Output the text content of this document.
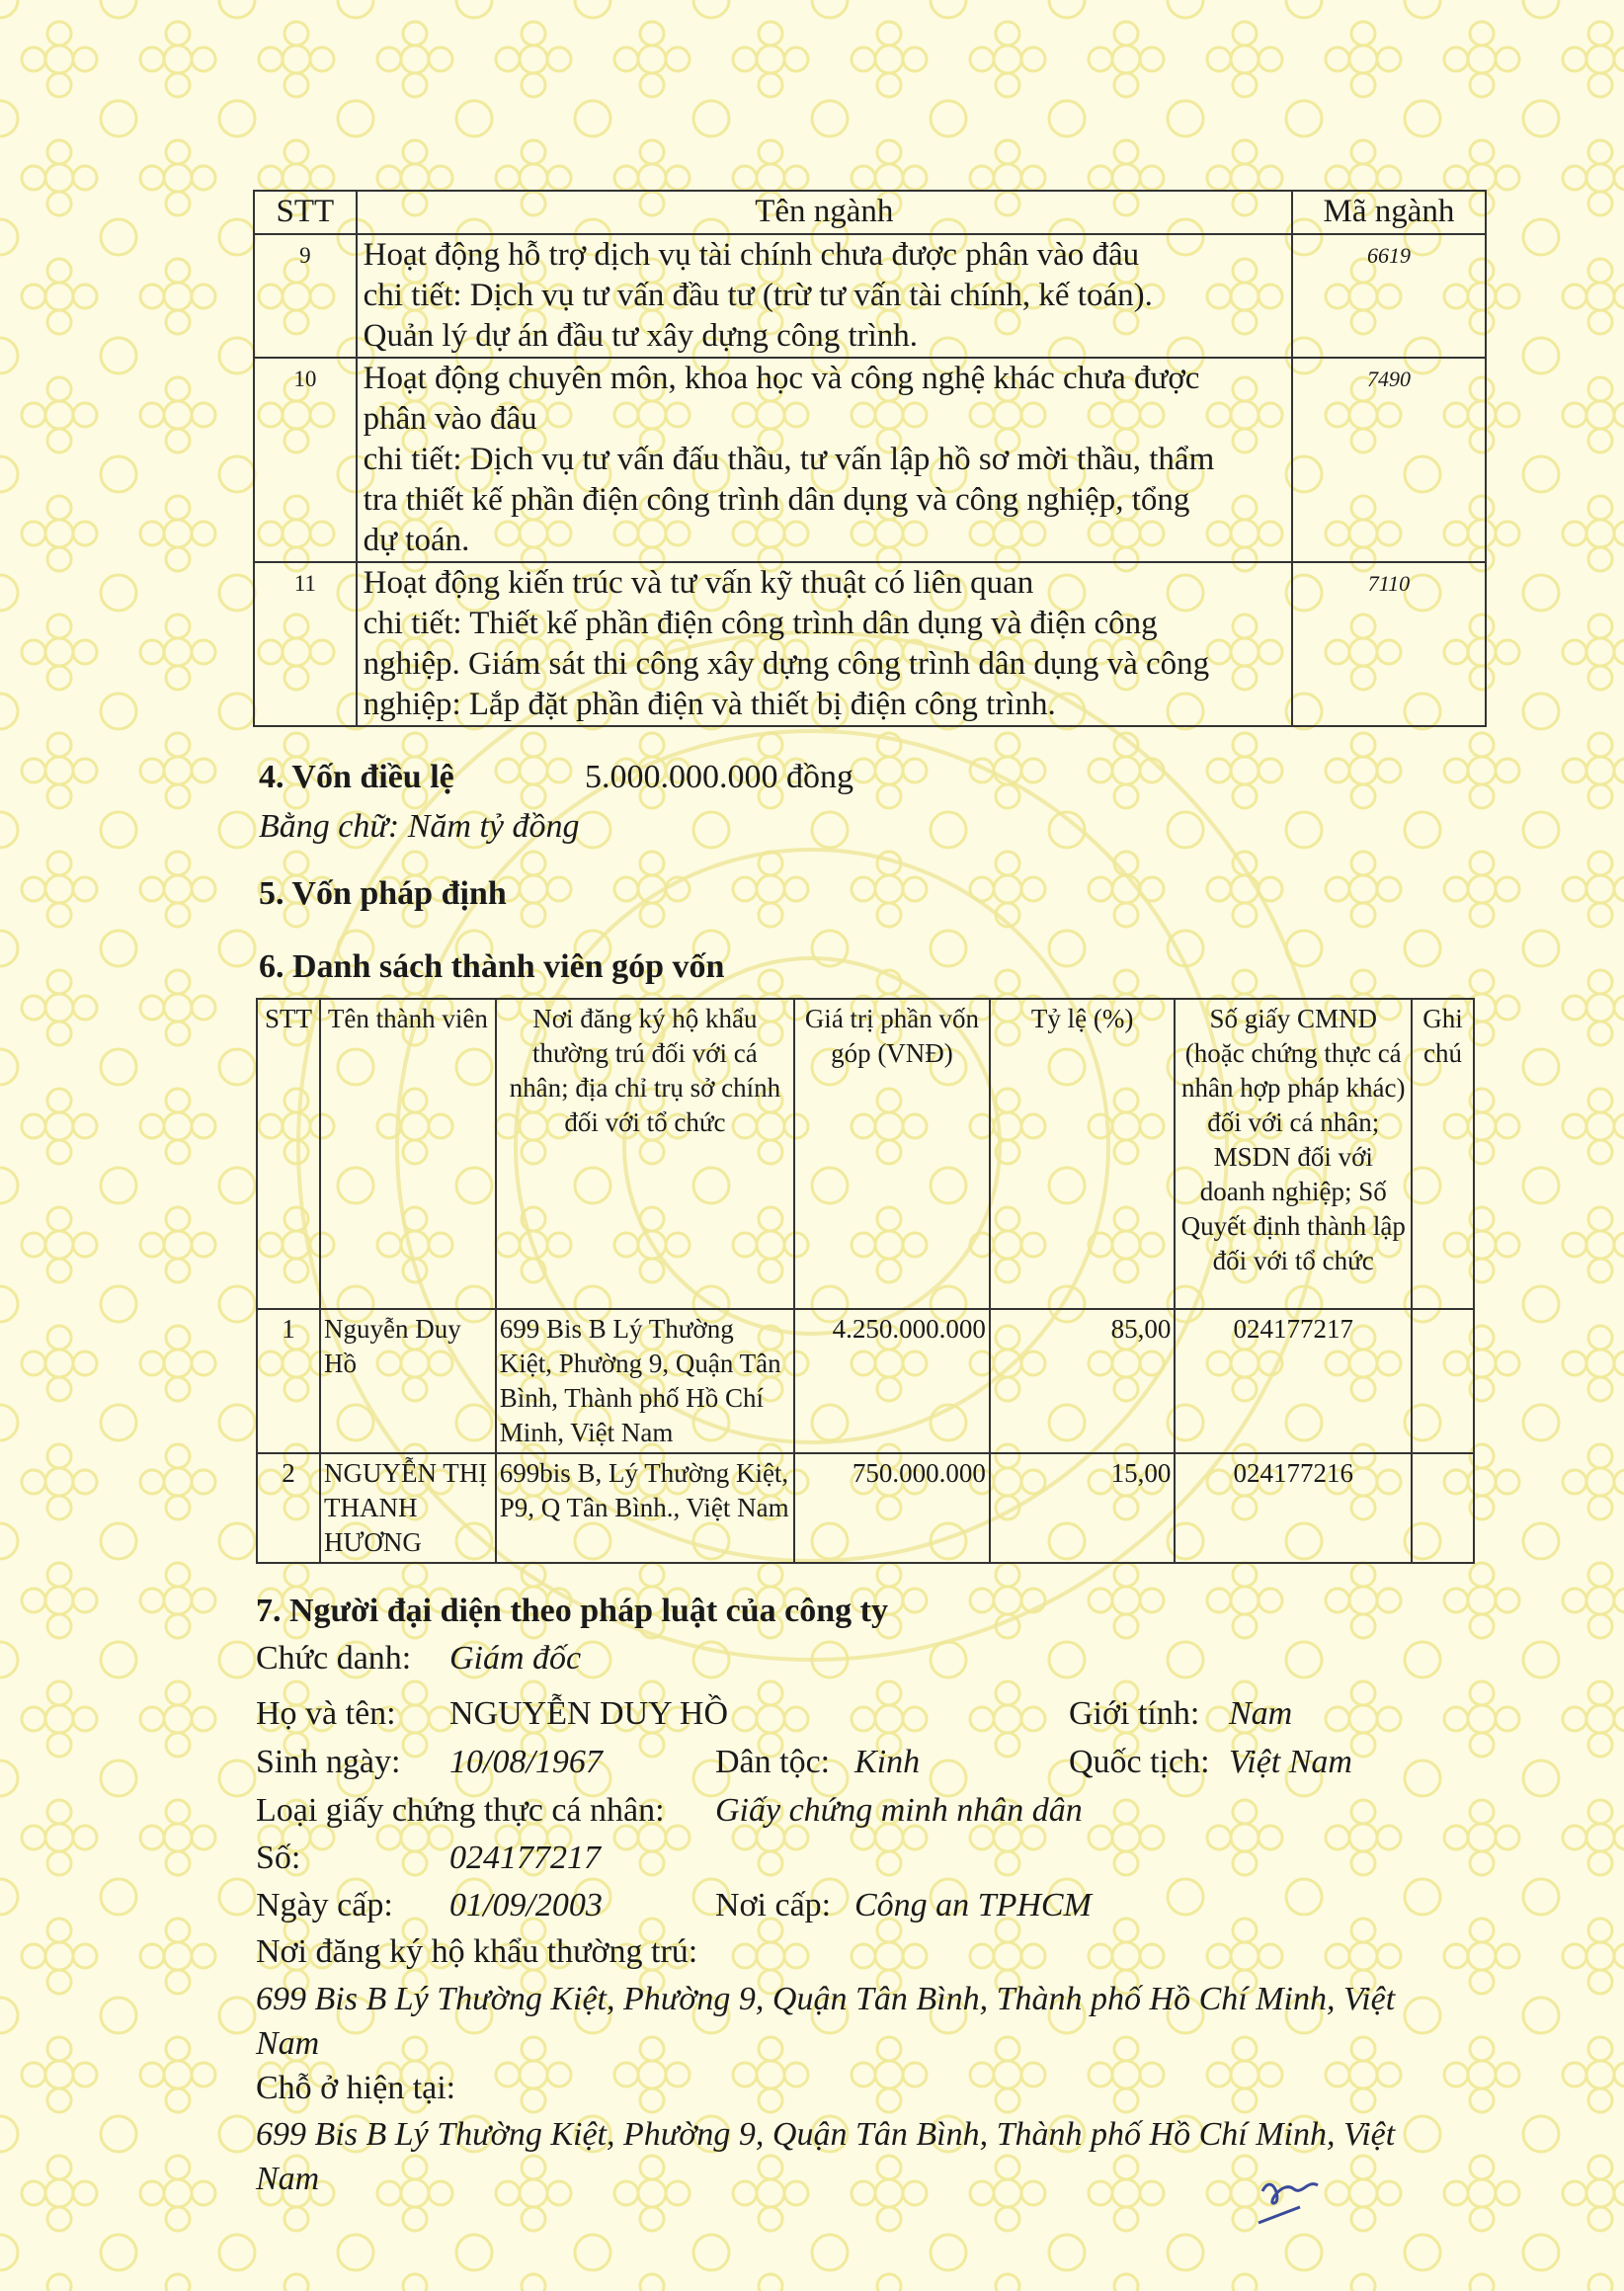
STT	Tên ngành	Mã ngành
9	Hoạt động hỗ trợ dịch vụ tài chính chưa được phân vào đâu
chi tiết: Dịch vụ tư vấn đầu tư (trừ tư vấn tài chính, kế toán).
Quản lý dự án đầu tư xây dựng công trình.	6619
10	Hoạt động chuyên môn, khoa học và công nghệ khác chưa được
phân vào đâu
chi tiết: Dịch vụ tư vấn đấu thầu, tư vấn lập hồ sơ mời thầu, thẩm
tra thiết kế phần điện công trình dân dụng và công nghiệp, tổng
dự toán.	7490
11	Hoạt động kiến trúc và tư vấn kỹ thuật có liên quan
chi tiết: Thiết kế phần điện công trình dân dụng và điện công
nghiệp. Giám sát thi công xây dựng công trình dân dụng và công
nghiệp: Lắp đặt phần điện và thiết bị điện công trình.	7110
4. Vốn điều lệ	5.000.000.000 đồng
Bằng chữ: Năm tỷ đồng
5. Vốn pháp định
6. Danh sách thành viên góp vốn
STT	Tên thành viên	Nơi đăng ký hộ khẩu thường trú đối với cá nhân; địa chỉ trụ sở chính đối với tổ chức	Giá trị phần vốn góp (VNĐ)	Tỷ lệ (%)	Số giấy CMND (hoặc chứng thực cá nhân hợp pháp khác) đối với cá nhân; MSDN đối với doanh nghiệp; Số Quyết định thành lập đối với tổ chức	Ghi chú
1	Nguyễn Duy Hồ	699 Bis B Lý Thường Kiệt, Phường 9, Quận Tân Bình, Thành phố Hồ Chí Minh, Việt Nam	4.250.000.000	85,00	024177217	
2	NGUYỄN THỊ THANH HƯƠNG	699bis B, Lý Thường Kiệt, P9, Q Tân Bình., Việt Nam	750.000.000	15,00	024177216	
7. Người đại diện theo pháp luật của công ty
Chức danh: Giám đốc
Họ và tên: NGUYỄN DUY HỒ	Giới tính: Nam
Sinh ngày: 10/08/1967	Dân tộc: Kinh	Quốc tịch: Việt Nam
Loại giấy chứng thực cá nhân: Giấy chứng minh nhân dân
Số:	024177217
Ngày cấp: 01/09/2003	Nơi cấp: Công an TPHCM
Nơi đăng ký hộ khẩu thường trú:
699 Bis B Lý Thường Kiệt, Phường 9, Quận Tân Bình, Thành phố Hồ Chí Minh, Việt
Nam
Chỗ ở hiện tại:
699 Bis B Lý Thường Kiệt, Phường 9, Quận Tân Bình, Thành phố Hồ Chí Minh, Việt
Nam
